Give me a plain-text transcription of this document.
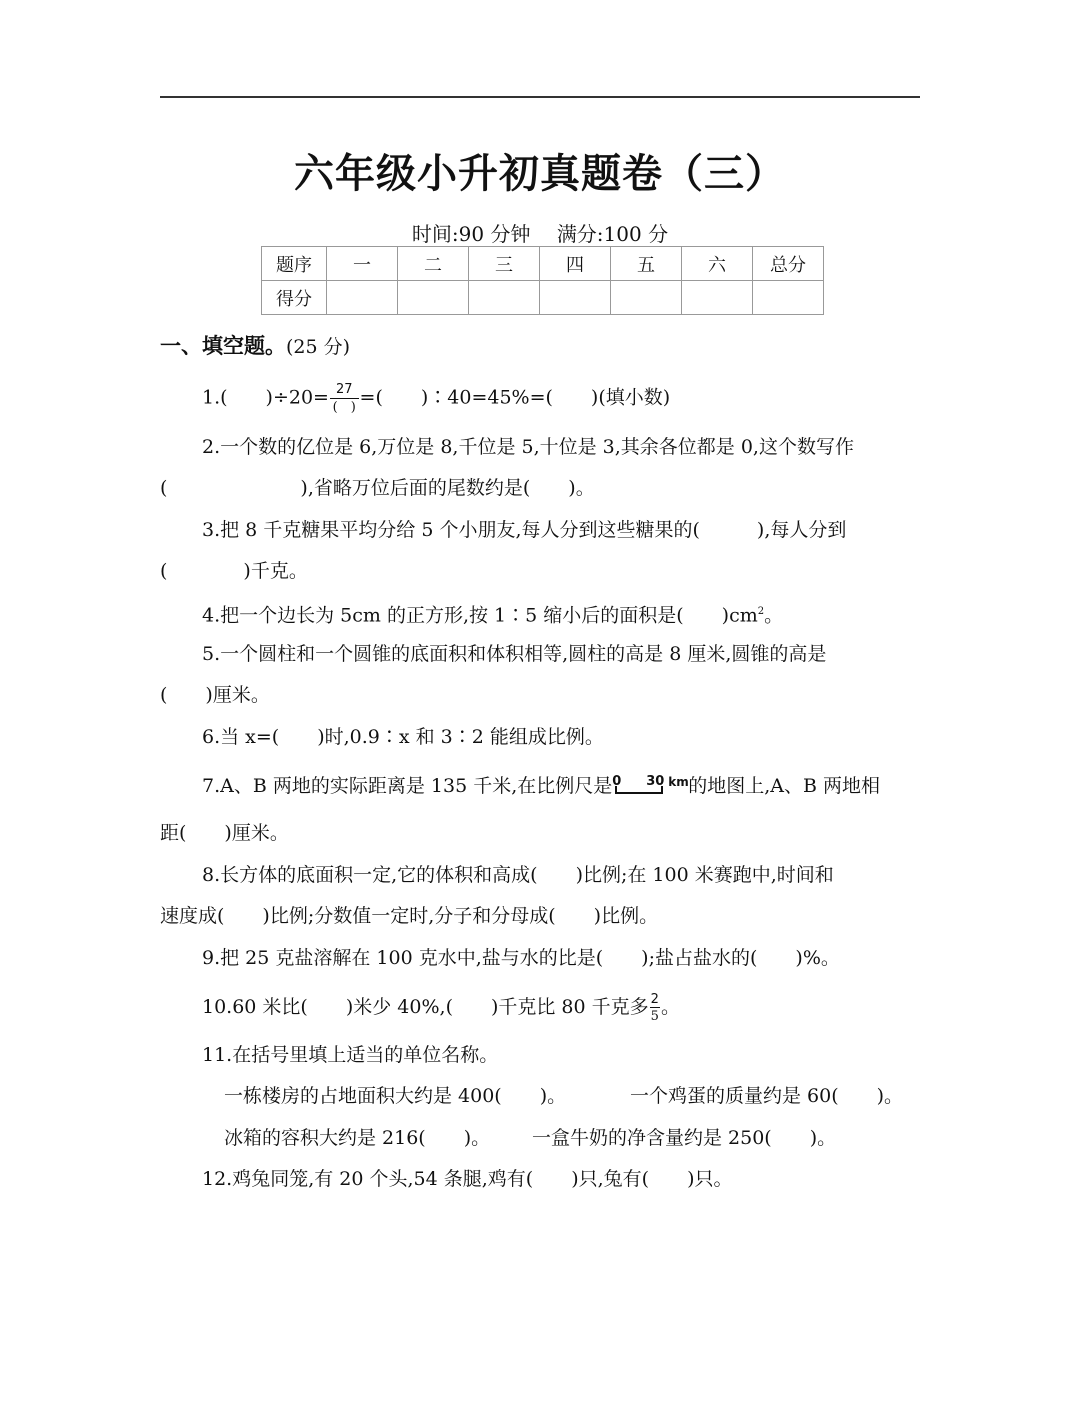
六年级小升初真题卷（三）
时间:90 分钟 满分:100 分
题序	一	二	三	四	五	六	总分
得分							
一、填空题。(25 分)
1.(　　)$\div 20= \frac{27}{( )}$ =(　　)∶40=45%=(　　)(填小数)
2.一个数的亿位是 6,万位是 8,千位是 5,十位是 3,其余各位都是 0,这个数写作
(　　　　　　　),省略万位后面的尾数约是(　　)。
3.把 8 千克糖果平均分给 5 个小朋友,每人分到这些糖果的(　　　),每人分到
(　　　　)千克。
4.把一个边长为 5cm 的正方形,按 1∶5 缩小后的面积是(　　)$cm^2$。
5.一个圆柱和一个圆锥的底面积和体积相等,圆柱的高是 8 厘米,圆锥的高是
(　　)厘米。
6.当 x=(　　)时,0.9∶x 和 3∶2 能组成比例。
7.A、B 两地的实际距离是 135 千米,在比例尺是 0 30 km 的地图上,A、B 两地相
距(　　)厘米。
8.长方体的底面积一定,它的体积和高成(　　)比例;在 100 米赛跑中,时间和
速度成(　　)比例;分数值一定时,分子和分母成(　　)比例。
9.把 25 克盐溶解在 100 克水中,盐与水的比是(　　);盐占盐水的(　　)%。
10.60 米比(　　)米少 40%,(　　)千克比 80 千克多 $\frac{2}{5}$ 。
11.在括号里填上适当的单位名称。
一栋楼房的占地面积大约是 400(　　)。	一个鸡蛋的质量约是 60(　　)。
冰箱的容积大约是 216(　　)。 一盒牛奶的净含量约是 250(　　)。
12.鸡兔同笼,有 20 个头,54 条腿,鸡有(　　)只,兔有(　　)只。
